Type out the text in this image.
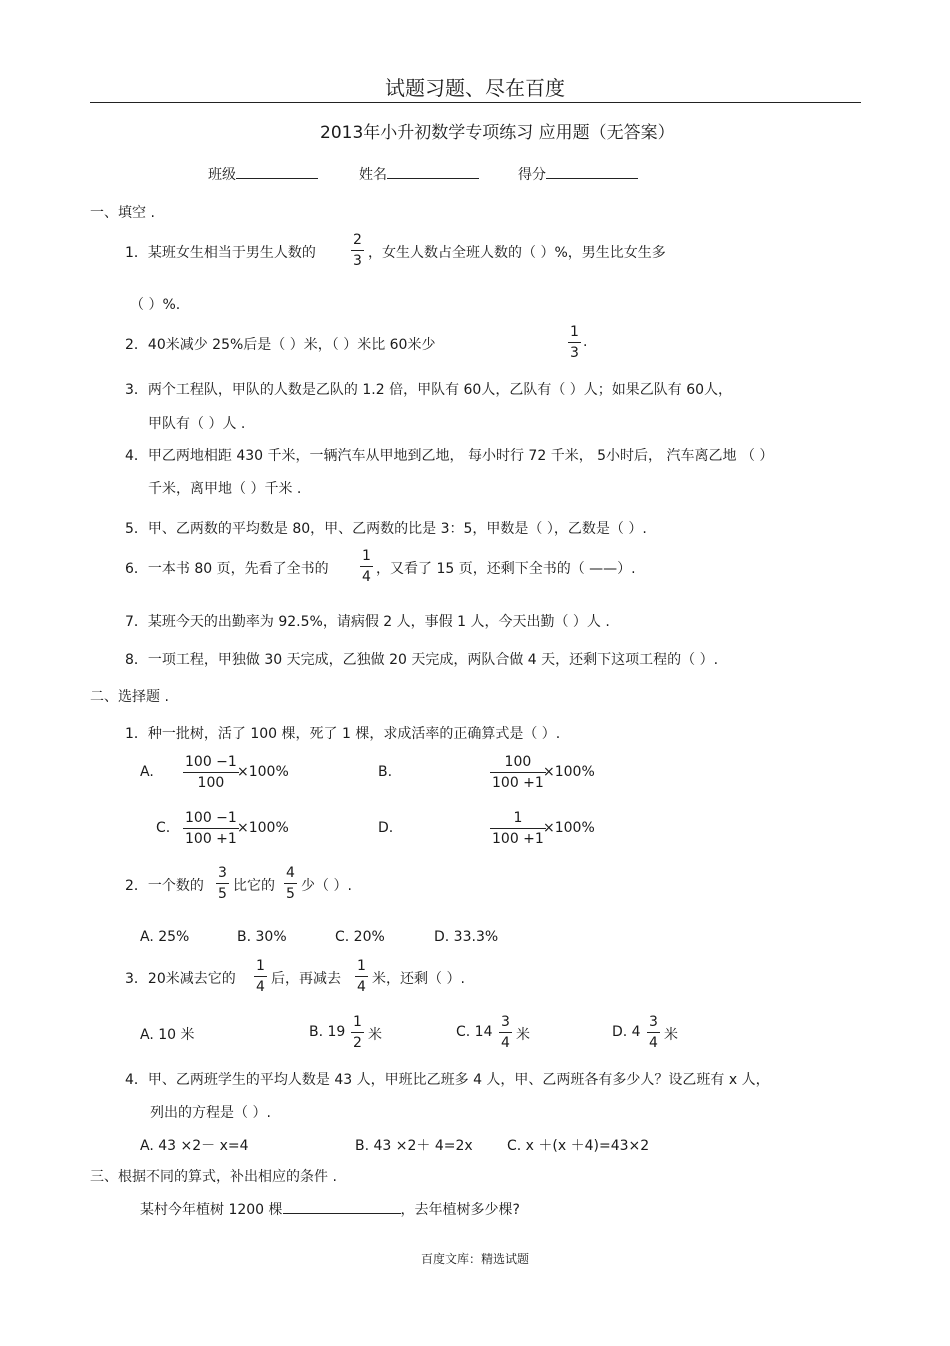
试题习题、尽在百度
2013年小升初数学专项练习 应用题（无答案）
班级	姓名	得分
一、填空 .
1．某班女生相当于男生人数的	$\frac{2}{3}$ ，女生人数占全班人数的（ ）%，男生比女生多
（ ）%.
2．40米减少 25%后是（ ）米，（ ）米比 60米少	$\frac{1}{3}$ .
3．两个工程队，甲队的人数是乙队的 1.2 倍，甲队有 60人，乙队有（ ）人；如果乙队有 60人，
甲队有（ ）人 .
4．甲乙两地相距 430 千米，一辆汽车从甲地到乙地， 每小时行 72 千米， 5小时后， 汽车离乙地 （ ）
千米，离甲地（ ）千米 .
5．甲、乙两数的平均数是 80，甲、乙两数的比是 3：5，甲数是（ ），乙数是（ ）.
6．一本书 80 页，先看了全书的 $\frac{1}{4}$ ，又看了 15 页，还剩下全书的（ ——）.
7．某班今天的出勤率为 92.5%，请病假 2 人，事假 1 人，今天出勤（ ）人 .
8．一项工程，甲独做 30 天完成，乙独做 20 天完成，两队合做 4 天，还剩下这项工程的（ ）.
二、选择题 .
1．种一批树，活了 100 棵，死了 1 棵，求成活率的正确算式是（ ）.
A. $\frac{100 -1}{100}$
×100%	B.	$\frac{100}{100 +1}$
×100%
C. $\frac{100 -1}{100 +1}$
×100%	D.	$\frac{1}{100 +1}$
×100%
2．一个数的 $\frac{3}{5}$ 比它的 $\frac{4}{5}$ 少（ ）.
A. 25%	B. 30%	C. 20%	D. 33.3%
3．20米减去它的 $\frac{1}{4}$ 后，再减去 $\frac{1}{4}$ 米，还剩（ ）.
A. 10 米	B. $19 \frac{1}{2}$ 米	C. $14 \frac{3}{4}$ 米	D. $4 \frac{3}{4}$ 米
4．甲、乙两班学生的平均人数是 43 人，甲班比乙班多 4 人，甲、乙两班各有多少人？设乙班有 x 人，
列出的方程是（ ）.
A. 43 ×2－ x=4	B. 43 ×2＋ 4=2x C. x ＋(x ＋4)=43×2
三、根据不同的算式，补出相应的条件 .
某村今年植树 1200 棵	，去年植树多少棵?
百度文库：精选试题
